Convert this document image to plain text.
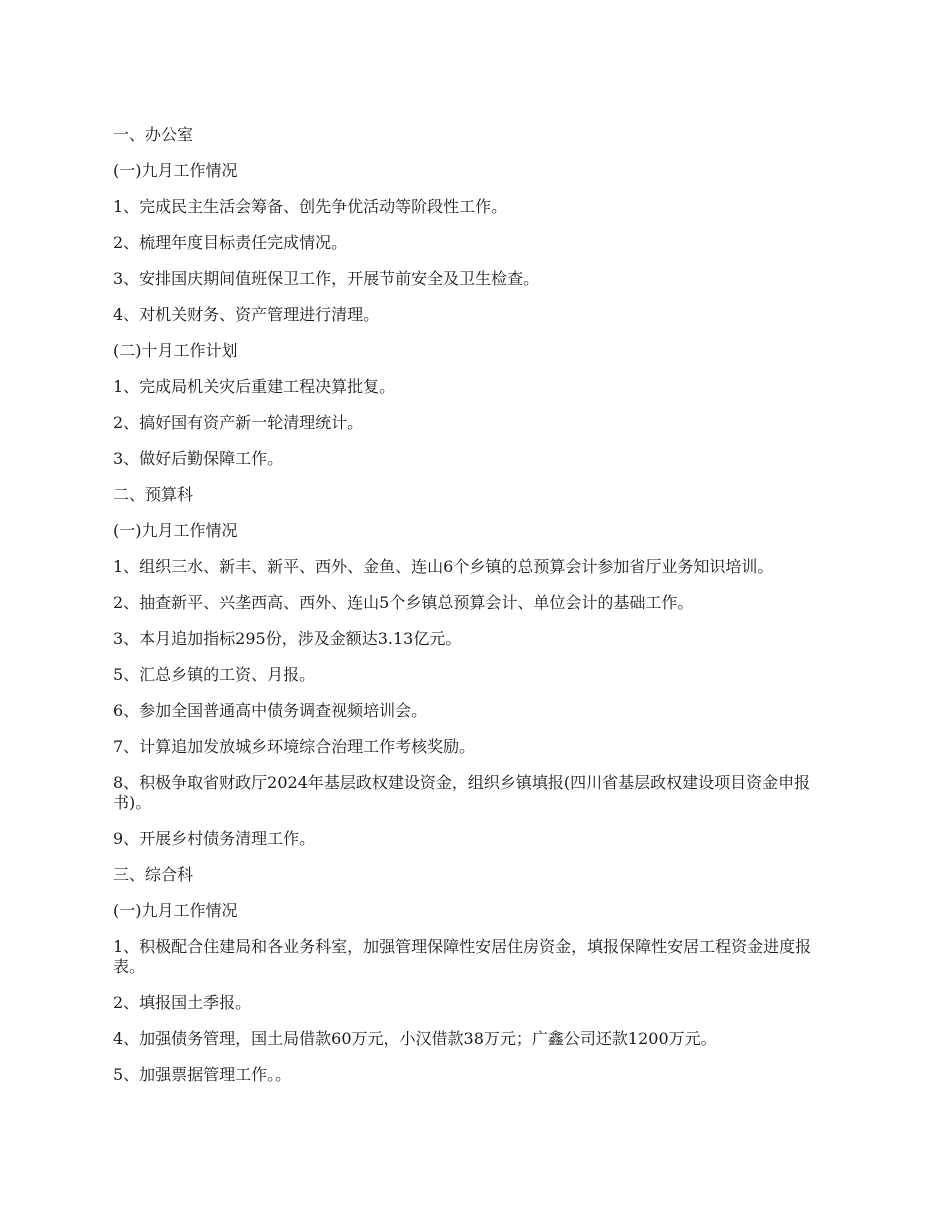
一、办公室

(一)九月工作情况

1、完成民主生活会筹备、创先争优活动等阶段性工作。

2、梳理年度目标责任完成情况。

3、安排国庆期间值班保卫工作，开展节前安全及卫生检查。

4、对机关财务、资产管理进行清理。

(二)十月工作计划

1、完成局机关灾后重建工程决算批复。

2、搞好国有资产新一轮清理统计。

3、做好后勤保障工作。

二、预算科

(一)九月工作情况

1、组织三水、新丰、新平、西外、金鱼、连山6个乡镇的总预算会计参加省厅业务知识培训。

2、抽查新平、兴垄西高、西外、连山5个乡镇总预算会计、单位会计的基础工作。

3、本月追加指标295份，涉及金额达3.13亿元。

5、汇总乡镇的工资、月报。

6、参加全国普通高中债务调查视频培训会。

7、计算追加发放城乡环境综合治理工作考核奖励。

8、积极争取省财政厅2024年基层政权建设资金，组织乡镇填报(四川省基层政权建设项目资金申报书)。

9、开展乡村债务清理工作。

三、综合科

(一)九月工作情况

1、积极配合住建局和各业务科室，加强管理保障性安居住房资金，填报保障性安居工程资金进度报表。

2、填报国土季报。

4、加强债务管理，国土局借款60万元，小汉借款38万元；广鑫公司还款1200万元。

5、加强票据管理工作。。
